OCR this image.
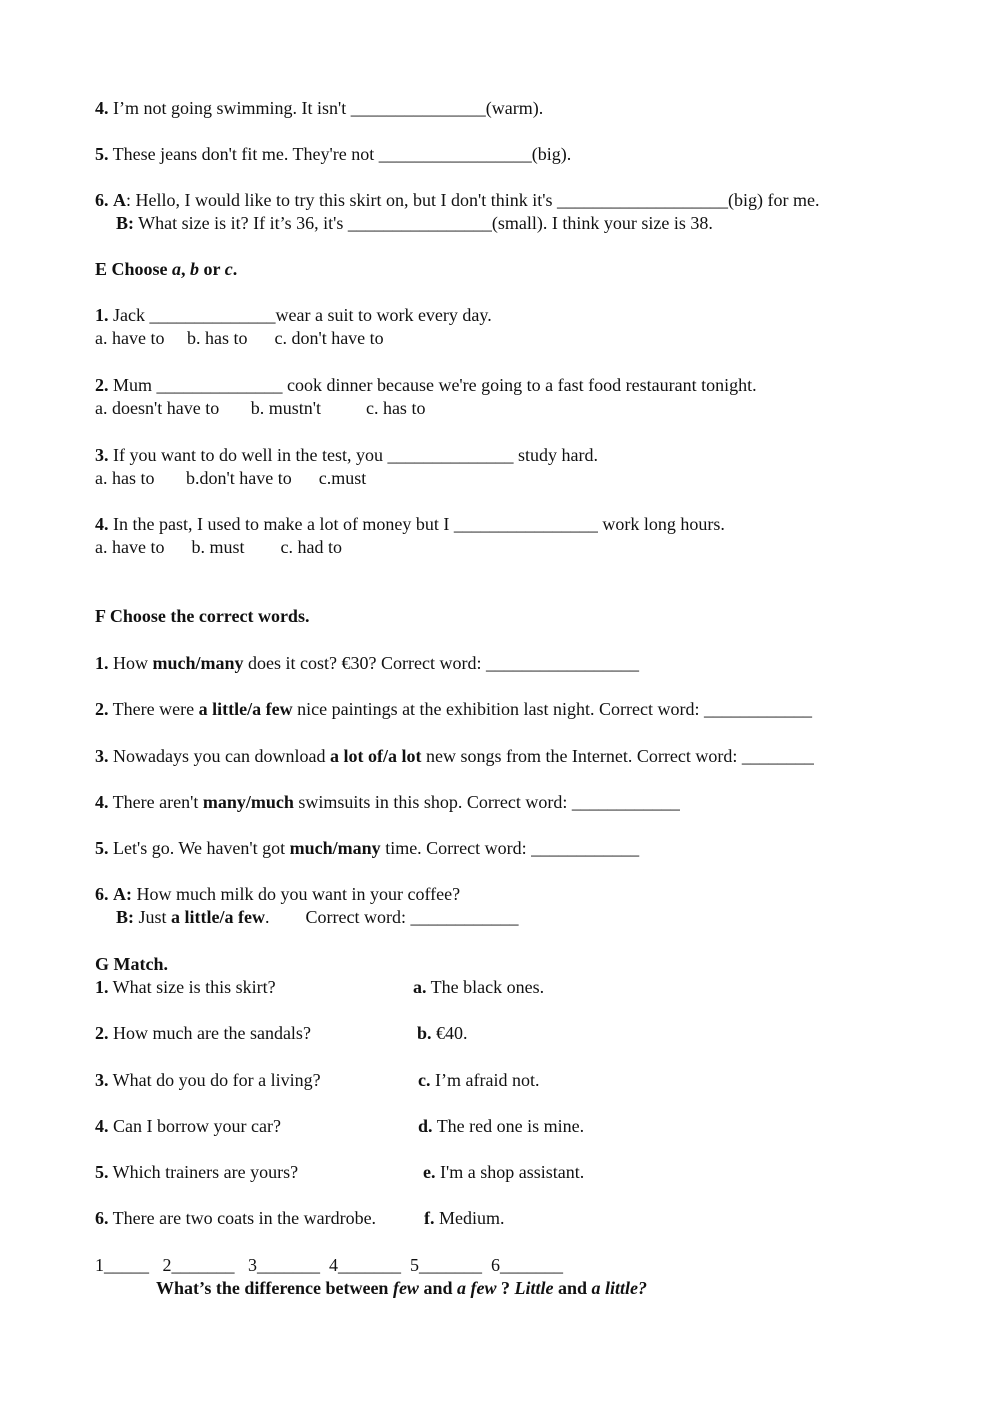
4. I’m not going swimming. It isn't _______________(warm).
5. These jeans don't fit me. They're not _________________(big).
6. A: Hello, I would like to try this skirt on, but I don't think it's ___________________(big) for me.
B: What size is it? If it’s 36, it's ________________(small). I think your size is 38.
E Choose a, b or c.
1. Jack ______________wear a suit to work every day.
a. have to     b. has to      c. don't have to
2. Mum ______________ cook dinner because we're going to a fast food restaurant tonight.
a. doesn't have to       b. mustn't          c. has to
3. If you want to do well in the test, you ______________ study hard.
a. has to       b.don't have to      c.must
4. In the past, I used to make a lot of money but I ________________ work long hours.
a. have to      b. must        c. had to
F Choose the correct words.
1. How much/many does it cost? €30? Correct word: _________________
2. There were a little/a few nice paintings at the exhibition last night. Correct word: ____________
3. Nowadays you can download a lot of/a lot new songs from the Internet. Correct word: ________
4. There aren't many/much swimsuits in this shop. Correct word: ____________
5. Let's go. We haven't got much/many time. Correct word: ____________
6. A: How much milk do you want in your coffee?
B: Just a little/a few.        Correct word: ____________
G Match.
1. What size is this skirt?	a. The black ones.
2. How much are the sandals?	b. €40.
3. What do you do for a living?	c. I’m afraid not.
4. Can I borrow your car?	d. The red one is mine.
5. Which trainers are yours?	e. I'm a shop assistant.
6. There are two coats in the wardrobe.	f. Medium.
1_____   2_______   3_______  4_______  5_______  6_______
What’s the difference between few and a few ? Little and a little?
